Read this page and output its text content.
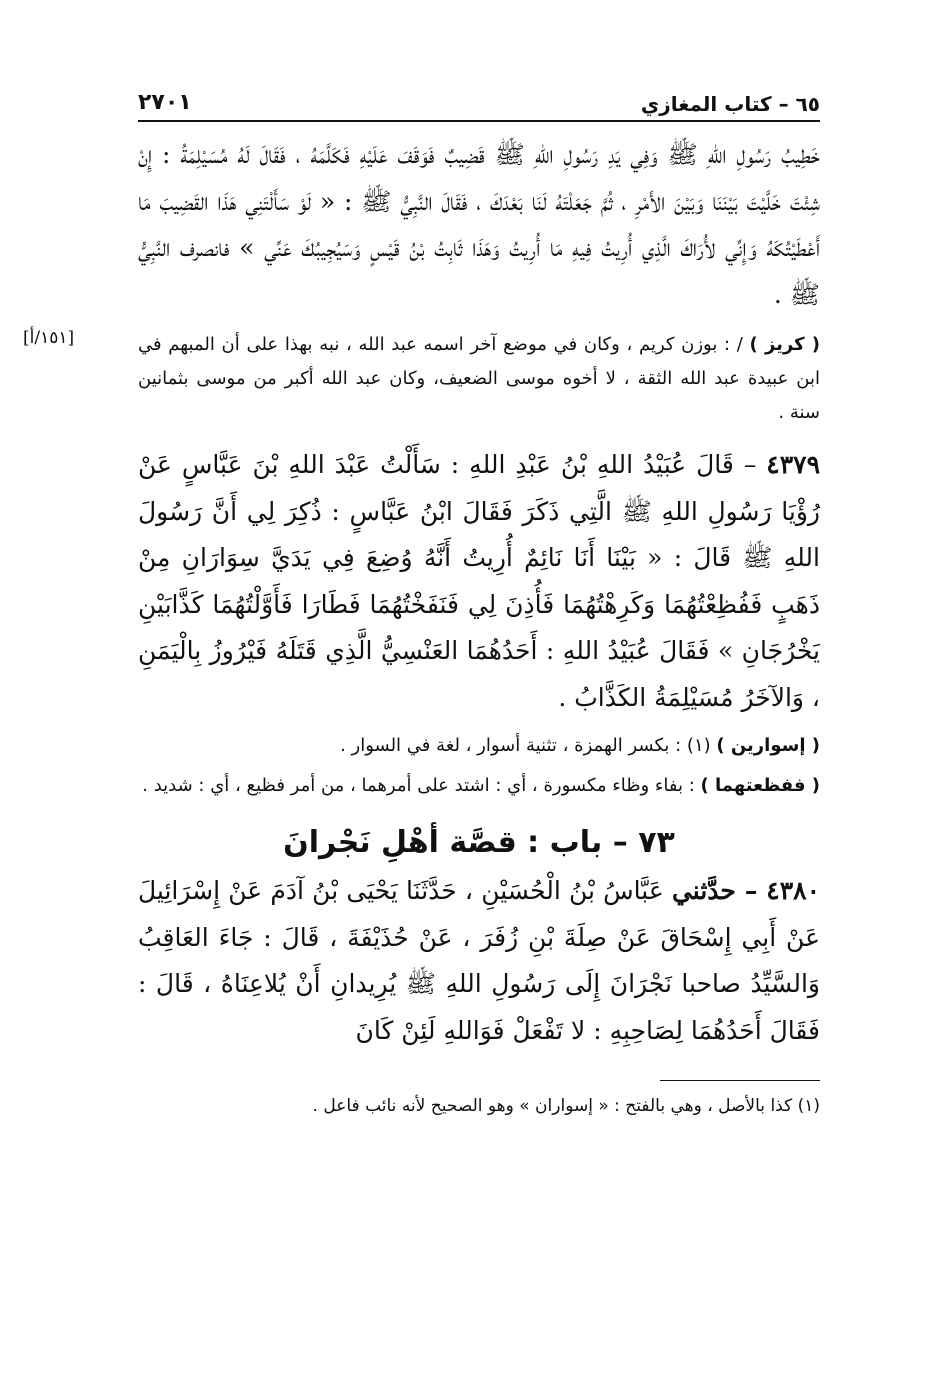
٦٥ – كتاب المغازي
٢٧٠١

خَطِيبُ رَسُولِ اللهِ ﷺ وَفِي يَدِ رَسُولِ اللهِ ﷺ قَضِيبٌ فَوَقَفَ عَلَيْهِ فَكَلَّمَهُ ، فَقَالَ لَهُ مُسَيْلِمَةُ : إِنْ شِئْتَ خَلَّيْتَ بَيْنَنَا وَبَيْنَ الأَمْرِ ، ثُمَّ جَعَلْتَهُ لَنَا بَعْدَكَ ، فَقَالَ النَّبِيُّ ﷺ : « لَوْ سَأَلْتَنِي هَذَا القَضِيبَ مَا أَعْطَيْتُكَهُ وَإِنِّي لأُرَاكَ الَّذِي أُرِيتُ فِيهِ مَا أُرِيتُ وَهَذَا ثَابِتُ بْنُ قَيْسٍ وَسَيُجِيبُكَ عَنِّي » فانصرف النَّبِيُّ ﷺ .

[١٥١/أ]	( كريز ) / : بوزن كريم ، وكان في موضع آخر اسمه عبد الله ، نبه بهذا على أن المبهم في ابن عبيدة عبد الله الثقة ، لا أخوه موسى الضعيف، وكان عبد الله أكبر من موسى بثمانين سنة .

٤٣٧٩ – قَالَ عُبَيْدُ اللهِ بْنُ عَبْدِ اللهِ : سَأَلْتُ عَبْدَ اللهِ بْنَ عَبَّاسٍ عَنْ رُؤْيَا رَسُولِ اللهِ ﷺ الَّتِي ذَكَرَ فَقَالَ ابْنُ عَبَّاسٍ : ذُكِرَ لِي أَنَّ رَسُولَ اللهِ ﷺ قَالَ : « بَيْنَا أَنَا نَائِمٌ أُرِيتُ أَنَّهُ وُضِعَ فِي يَدَيَّ سِوَارَانِ مِنْ ذَهَبٍ فَفُظِعْتُهُمَا وَكَرِهْتُهُمَا فَأُذِنَ لِي فَنَفَخْتُهُمَا فَطَارَا فَأَوَّلْتُهُمَا كَذَّابَيْنِ يَخْرُجَانِ » فَقَالَ عُبَيْدُ اللهِ : أَحَدُهُمَا العَنْسِيُّ الَّذِي قَتَلَهُ فَيْرُوزُ بِالْيَمَنِ ، وَالآخَرُ مُسَيْلِمَةُ الكَذَّابُ .

( إسوارين ) (١) : بكسر الهمزة ، تثنية أسوار ، لغة في السوار .

( ففظعتهما ) : بفاء وظاء مكسورة ، أي : اشتد على أمرهما ، من أمر فظيع ، أي : شديد .

٧٣ – باب : قصَّة أهْلِ نَجْرانَ

٤٣٨٠ – حدَّثني عَبَّاسُ بْنُ الْحُسَيْنِ ، حَدَّثَنَا يَحْيَى بْنُ آدَمَ عَنْ إِسْرَائِيلَ عَنْ أَبِي إِسْحَاقَ عَنْ صِلَةَ بْنِ زُفَرَ ، عَنْ حُذَيْفَةَ ، قَالَ : جَاءَ العَاقِبُ وَالسَّيِّدُ صاحبا نَجْرَانَ إِلَى رَسُولِ اللهِ ﷺ يُرِيدانِ أَنْ يُلاعِنَاهُ ، قَالَ : فَقَالَ أَحَدُهُمَا لِصَاحِبِهِ : لا تَفْعَلْ فَوَاللهِ لَئِنْ كَانَ

(١) كذا بالأصل ، وهي بالفتح : « إسواران » وهو الصحيح لأنه نائب فاعل .
